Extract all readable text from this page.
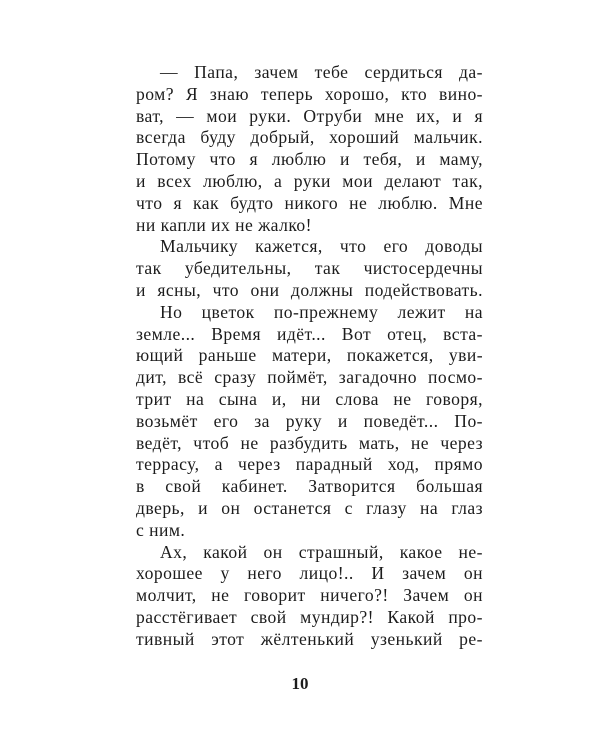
— Папа, зачем тебе сердиться да-
ром? Я знаю теперь хорошо, кто вино-
ват, — мои руки. Отруби мне их, и я
всегда буду добрый, хороший мальчик.
Потому что я люблю и тебя, и маму,
и всех люблю, а руки мои делают так,
что я как будто никого не люблю. Мне
ни капли их не жалко!
Мальчику кажется, что его доводы
так убедительны, так чистосердечны
и ясны, что они должны подействовать.
Но цветок по-прежнему лежит на
земле... Время идёт... Вот отец, вста-
ющий раньше матери, покажется, уви-
дит, всё сразу поймёт, загадочно посмо-
трит на сына и, ни слова не говоря,
возьмёт его за руку и поведёт... По-
ведёт, чтоб не разбудить мать, не через
террасу, а через парадный ход, прямо
в свой кабинет. Затворится большая
дверь, и он останется с глазу на глаз
с ним.
Ах, какой он страшный, какое не-
хорошее у него лицо!.. И зачем он
молчит, не говорит ничего?! Зачем он
расстёгивает свой мундир?! Какой про-
тивный этот жёлтенький узенький ре-
10
